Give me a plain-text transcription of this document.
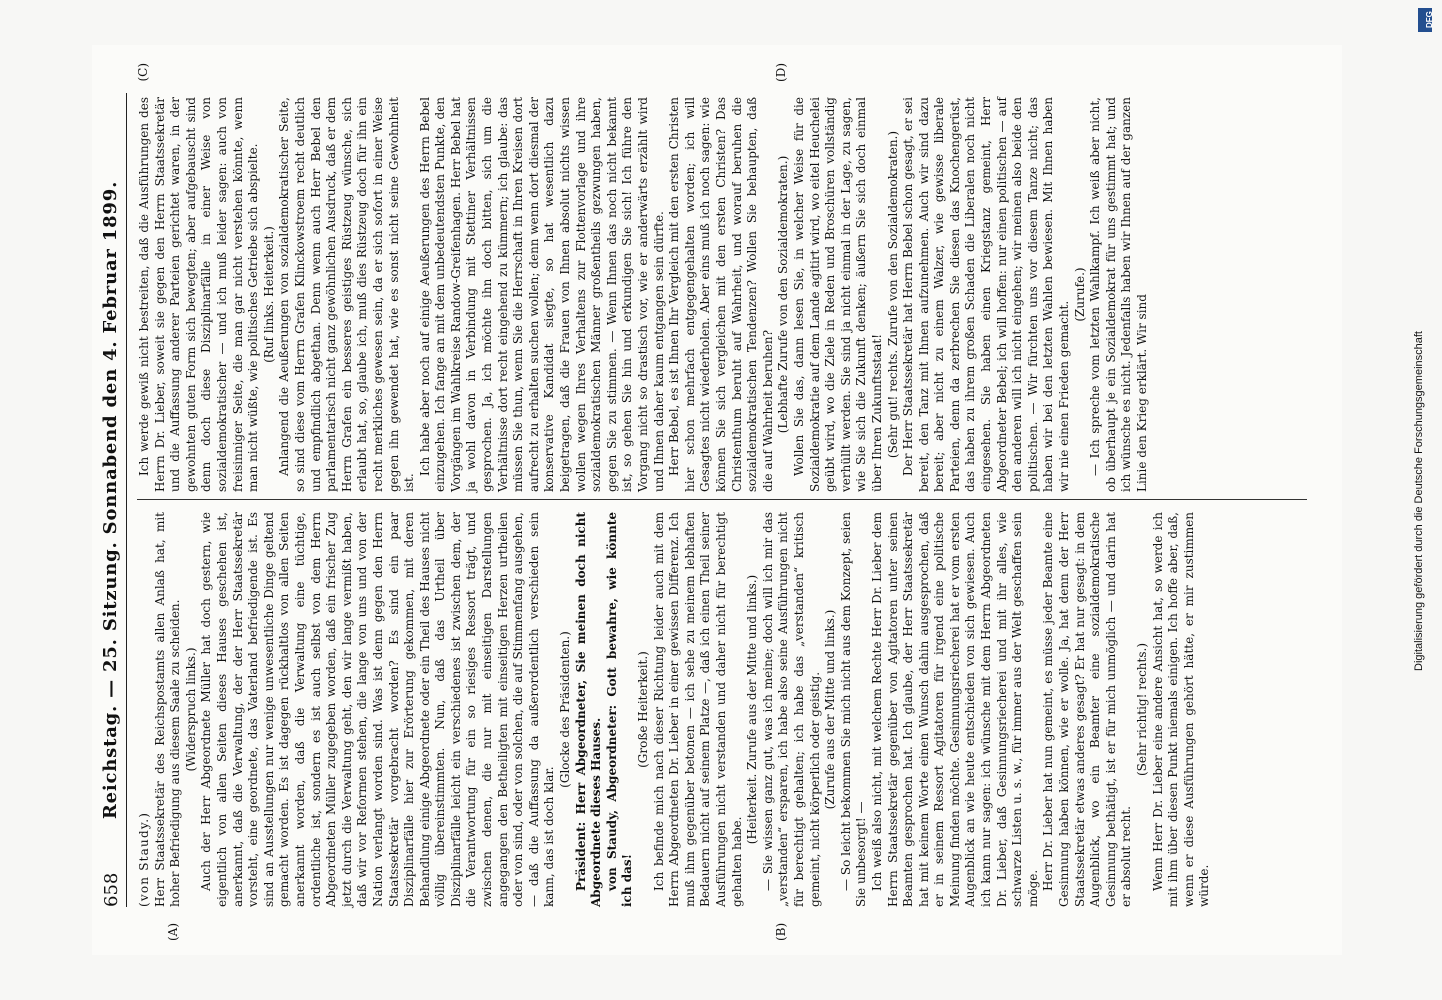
658
Reichstag. — 25. Sitzung. Sonnabend den 4. Februar 1899.
(A)	(B)

(von Staudy.) Herr Staatssekretär des Reichspostamts allen Anlaß hat, mit hoher Befriedigung aus diesem Saale zu scheiden. (Widerspruch links.) Auch der Herr Abgeordnete Müller hat doch gestern, wie eigentlich von allen Seiten dieses Hauses geschehen ist, anerkannt, daß die Verwaltung, der der Herr Staatssekretär vorsteht, eine geordnete, das Vaterland befriedigende ist. Es sind an Ausstellungen nur wenige unwesentliche Dinge geltend gemacht worden. Es ist dagegen rückhaltlos von allen Seiten anerkannt worden, daß die Verwaltung eine tüchtige, ordentliche ist, sondern es ist auch selbst von dem Herrn Abgeordneten Müller zugegeben worden, daß ein frischer Zug jetzt durch die Verwaltung geht, den wir lange vermißt haben, daß wir vor Reformen stehen, die lange von uns und von der Nation verlangt worden sind. Was ist denn gegen den Herrn Staatssekretär vorgebracht worden? Es sind ein paar Disziplinarfälle hier zur Erörterung gekommen, mit deren Behandlung einige Abgeordnete oder ein Theil des Hauses nicht völlig übereinstimmten. Nun, daß das Urtheil über Disziplinarfälle leicht ein verschiedenes ist zwischen dem, der die Verantwortung für ein so riesiges Ressort trägt, und zwischen denen, die nur mit einseitigen Darstellungen angegangen den Betheiligten mit einseitigen Herzen urtheilen oder von sind, oder von solchen, die auf Stimmenfang ausgehen, — daß die Auffassung da außerordentlich verschieden sein kann, das ist doch klar.

(Glocke des Präsidenten.) Präsident: Herr Abgeordneter, Sie meinen doch nicht Abgeordnete dieses Hauses. von Staudy, Abgeordneter: Gott bewahre, wie könnte ich das!

(Große Heiterkeit.) Ich befinde mich nach dieser Richtung leider auch mit dem Herrn Abgeordneten Dr. Lieber in einer gewissen Differenz. Ich muß ihm gegenüber betonen — ich sehe zu meinem lebhaften Bedauern nicht auf seinem Platze —, daß ich einen Theil seiner Ausführungen nicht verstanden und daher nicht für berechtigt gehalten habe.

(Heiterkeit. Zurufe aus der Mitte und links.) — Sie wissen ganz gut, was ich meine; doch will ich mir das „verstanden“ ersparen, ich habe also seine Ausführungen nicht für berechtigt gehalten; ich habe das „verstanden“ kritisch gemeint, nicht körperlich oder geistig. (Zurufe aus der Mitte und links.) — So leicht bekommen Sie mich nicht aus dem Konzept, seien Sie unbesorgt! — Ich weiß also nicht, mit welchem Rechte Herr Dr. Lieber dem Herrn Staatssekretär gegenüber von Agitatoren unter seinen Beamten gesprochen hat. Ich glaube, der Herr Staatssekretär hat mit keinem Worte einen Wunsch dahin ausgesprochen, daß er in seinem Ressort Agitatoren für irgend eine politische Meinung finden möchte. Gesinnungsriecherei hat er vom ersten Augenblick an wie heute entschieden von sich gewiesen. Auch ich kann nur sagen: ich wünsche mit dem Herrn Abgeordneten Dr. Lieber, daß Gesinnungsriecherei und mit ihr alles, wie schwarze Listen u. s. w., für immer aus der Welt geschaffen sein möge. Herr Dr. Lieber hat nun gemeint, es müsse jeder Beamte eine Gesinnung haben können, wie er wolle. Ja, hat denn der Herr Staatssekretär etwas anderes gesagt? Er hat nur gesagt: in dem Augenblick, wo ein Beamter eine sozialdemokratische Gesinnung bethätigt, ist er für mich unmöglich — und darin hat er absolut recht.

(Sehr richtig! rechts.) Wenn Herr Dr. Lieber eine andere Ansicht hat, so werde ich mit ihm über diesen Punkt niemals einigen. Ich hoffe aber, daß, wenn er diese Ausführungen gehört hätte, er mir zustimmen würde.

(C)	(D)

Ich werde gewiß nicht bestreiten, daß die Ausführungen des Herrn Dr. Lieber, soweit sie gegen den Herrn Staatssekretär und die Auffassung anderer Parteien gerichtet waren, in der gewohnten guten Form sich bewegten; aber aufgebauscht sind denn doch diese Disziplinarfälle in einer Weise von sozialdemokratischer — und ich muß leider sagen: auch von freisinniger Seite, die man gar nicht verstehen könnte, wenn man nicht wüßte, wie politisches Getriebe sich abspielte. (Ruf links. Heiterkeit.) Anlangend die Aeußerungen von sozialdemokratischer Seite, so sind diese vom Herrn Grafen Klinckowstroem recht deutlich und empfindlich abgethan. Denn wenn auch Herr Bebel den parlamentarisch nicht ganz gewöhnlichen Ausdruck, daß er dem Herrn Grafen ein besseres geistiges Rüstzeug wünsche, sich erlaubt hat, so, glaube ich, muß dies Rüstzeug doch für ihn ein recht merkliches gewesen sein, da er sich sofort in einer Weise gegen ihn gewendet hat, wie es sonst nicht seine Gewohnheit ist.

Ich habe aber noch auf einige Aeußerungen des Herrn Bebel einzugehen. Ich fange an mit dem unbedeutendsten Punkte, den Vorgängen im Wahlkreise Randow-Greifenhagen. Herr Bebel hat ja wohl davon in Verbindung mit Stettiner Verhältnissen gesprochen. Ja, ich möchte ihn doch bitten, sich um die Verhältnisse dort recht eingehend zu kümmern; ich glaube: das müssen Sie thun, wenn Sie die Herrschaft in Ihren Kreisen dort aufrecht zu erhalten suchen wollen; denn wenn dort diesmal der konservative Kandidat siegte, so hat wesentlich dazu beigetragen, daß die Frauen von Ihnen absolut nichts wissen wollen wegen Ihres Verhaltens zur Flottenvorlage und ihre sozialdemokratischen Männer großentheils gezwungen haben, gegen Sie zu stimmen. — Wenn Ihnen das noch nicht bekannt ist, so gehen Sie hin und erkundigen Sie sich! Ich führe den Vorgang nicht so drastisch vor, wie er anderwärts erzählt wird und Ihnen daher kaum entgangen sein dürfte. Herr Bebel, es ist Ihnen Ihr Vergleich mit den ersten Christen hier schon mehrfach entgegengehalten worden; ich will Gesagtes nicht wiederholen. Aber eins muß ich noch sagen: wie können Sie sich vergleichen mit den ersten Christen? Das Christenthum beruht auf Wahrheit, und worauf beruhen die sozialdemokratischen Tendenzen? Wollen Sie behaupten, daß die auf Wahrheit beruhen? (Lebhafte Zurufe von den Sozialdemokraten.) Wollen Sie das, dann lesen Sie, in welcher Weise für die Sozialdemokratie auf dem Lande agitirt wird, wo eitel Heuchelei geübt wird, wo die Ziele in Reden und Broschüren vollständig verhüllt werden. Sie sind ja nicht einmal in der Lage, zu sagen, wie Sie sich die Zukunft denken; äußern Sie sich doch einmal über Ihren Zukunftsstaat! (Sehr gut! rechts. Zurufe von den Sozialdemokraten.) Der Herr Staatssekretär hat Herrn Bebel schon gesagt, er sei bereit, den Tanz mit Ihnen aufzunehmen. Auch wir sind dazu bereit; aber nicht zu einem Walzer, wie gewisse liberale Parteien, denn da zerbrechen Sie diesen das Knochengerüst, das haben zu ihrem großen Schaden die Liberalen noch nicht eingesehen. Sie haben einen Kriegstanz gemeint, Herr Abgeordneter Bebel; ich will hoffen: nur einen politischen — auf den anderen will ich nicht eingehen; wir meinen also beide den politischen. — Wir fürchten uns vor diesem Tanze nicht; das haben wir bei den letzten Wahlen bewiesen. Mit Ihnen haben wir nie einen Frieden gemacht.

(Zurufe.) — Ich spreche vom letzten Wahlkampf. Ich weiß aber nicht, ob überhaupt je ein Sozialdemokrat für uns gestimmt hat; und ich wünsche es nicht. Jedenfalls haben wir Ihnen auf der ganzen Linie den Krieg erklärt. Wir sind	Digitalisierung gefördert durch die Deutsche Forschungsgemeinschaft
DFG
